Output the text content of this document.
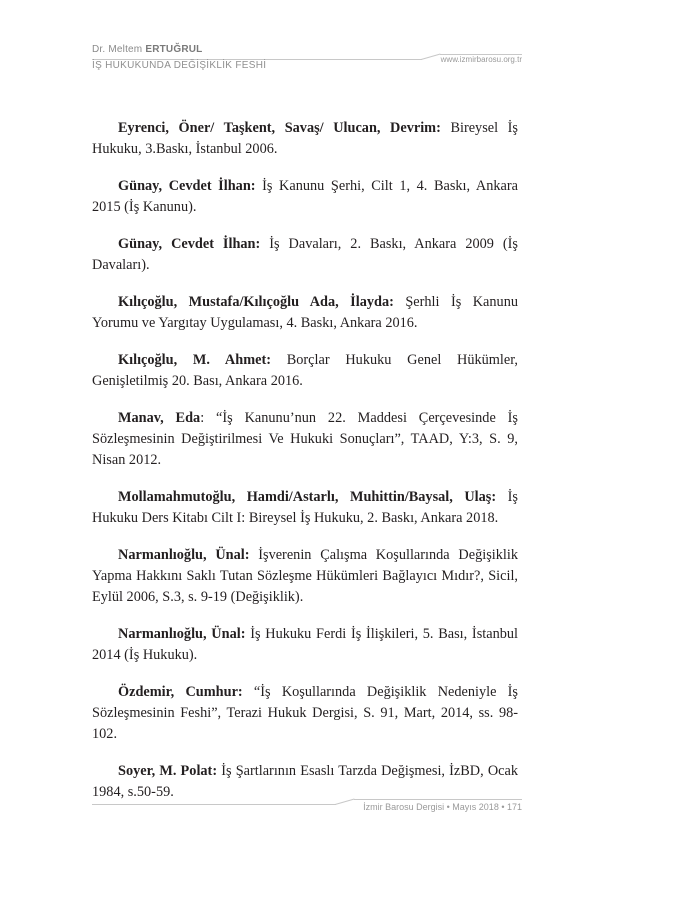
Dr. Meltem ERTUĞRUL
www.izmirbarosu.org.tr
İŞ HUKUKUNDA DEĞİŞİKLİK FESHİ

Eyrenci, Öner/ Taşkent, Savaş/ Ulucan, Devrim: Bireysel İş Hukuku, 3.Baskı, İstanbul 2006.

Günay, Cevdet İlhan: İş Kanunu Şerhi, Cilt 1, 4. Baskı, Ankara 2015 (İş Kanunu).

Günay, Cevdet İlhan: İş Davaları, 2. Baskı, Ankara 2009 (İş Davaları).

Kılıçoğlu, Mustafa/Kılıçoğlu Ada, İlayda: Şerhli İş Kanunu Yorumu ve Yargıtay Uygulaması, 4. Baskı, Ankara 2016.

Kılıçoğlu, M. Ahmet: Borçlar Hukuku Genel Hükümler, Genişletilmiş 20. Bası, Ankara 2016.

Manav, Eda: “İş Kanunu’nun 22. Maddesi Çerçevesinde İş Sözleşmesinin Değiştirilmesi Ve Hukuki Sonuçları”, TAAD, Y:3, S. 9, Nisan 2012.

Mollamahmutoğlu, Hamdi/Astarlı, Muhittin/Baysal, Ulaş: İş Hukuku Ders Kitabı Cilt I: Bireysel İş Hukuku, 2. Baskı, Ankara 2018.

Narmanlıoğlu, Ünal: İşverenin Çalışma Koşullarında Değişiklik Yapma Hakkını Saklı Tutan Sözleşme Hükümleri Bağlayıcı Mıdır?, Sicil, Eylül 2006, S.3, s. 9-19 (Değişiklik).

Narmanlıoğlu, Ünal: İş Hukuku Ferdi İş İlişkileri, 5. Bası, İstanbul 2014 (İş Hukuku).

Özdemir, Cumhur: “İş Koşullarında Değişiklik Nedeniyle İş Sözleşmesinin Feshi”, Terazi Hukuk Dergisi, S. 91, Mart, 2014, ss. 98-102.

Soyer, M. Polat: İş Şartlarının Esaslı Tarzda Değişmesi, İzBD, Ocak 1984, s.50-59.

İzmir Barosu Dergisi • Mayıs 2018 • 171
